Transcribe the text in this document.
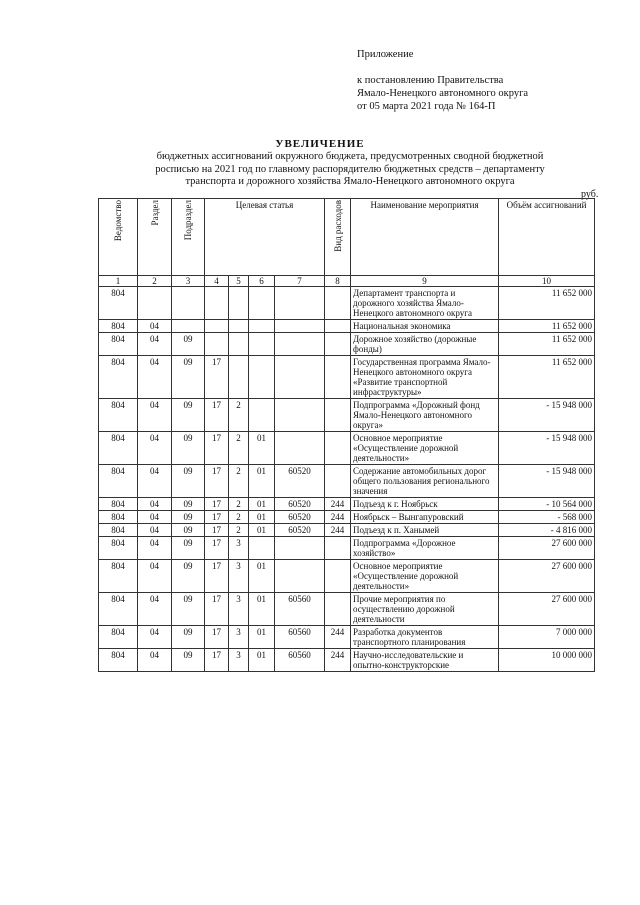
Приложение
к постановлению Правительства
Ямало-Ненецкого автономного округа
от 05 марта 2021 года № 164-П
УВЕЛИЧЕНИЕ
бюджетных ассигнований окружного бюджета, предусмотренных сводной бюджетной
росписью на 2021 год по главному распорядителю бюджетных средств – департаменту
транспорта и дорожного хозяйства Ямало-Ненецкого автономного округа
руб.
Ведомство	Раздел	Подраздел	Целевая статья				Вид расходов	Наименование мероприятия	Объём ассигнований
1	2	3	4	5	6	7	8	9	10
804								Департамент транспорта и дорожного хозяйства Ямало-Ненецкого автономного округа	11 652 000
804	04							Национальная экономика	11 652 000
804	04	09						Дорожное хозяйство (дорожные фонды)	11 652 000
804	04	09	17					Государственная программа Ямало-Ненецкого автономного округа «Развитие транспортной инфраструктуры»	11 652 000
804	04	09	17	2				Подпрограмма «Дорожный фонд Ямало-Ненецкого автономного округа»	- 15 948 000
804	04	09	17	2	01			Основное мероприятие «Осуществление дорожной деятельности»	- 15 948 000
804	04	09	17	2	01	60520		Содержание автомобильных дорог общего пользования регионального значения	- 15 948 000
804	04	09	17	2	01	60520	244	Подъезд к г. Ноябрьск	- 10 564 000
804	04	09	17	2	01	60520	244	Ноябрьск – Вынгапуровский	- 568 000
804	04	09	17	2	01	60520	244	Подъезд к п. Ханымей	- 4 816 000
804	04	09	17	3				Подпрограмма «Дорожное хозяйство»	27 600 000
804	04	09	17	3	01			Основное мероприятие «Осуществление дорожной деятельности»	27 600 000
804	04	09	17	3	01	60560		Прочие мероприятия по осуществлению дорожной деятельности	27 600 000
804	04	09	17	3	01	60560	244	Разработка документов транспортного планирования	7 000 000
804	04	09	17	3	01	60560	244	Научно-исследовательские и опытно-конструкторские	10 000 000
